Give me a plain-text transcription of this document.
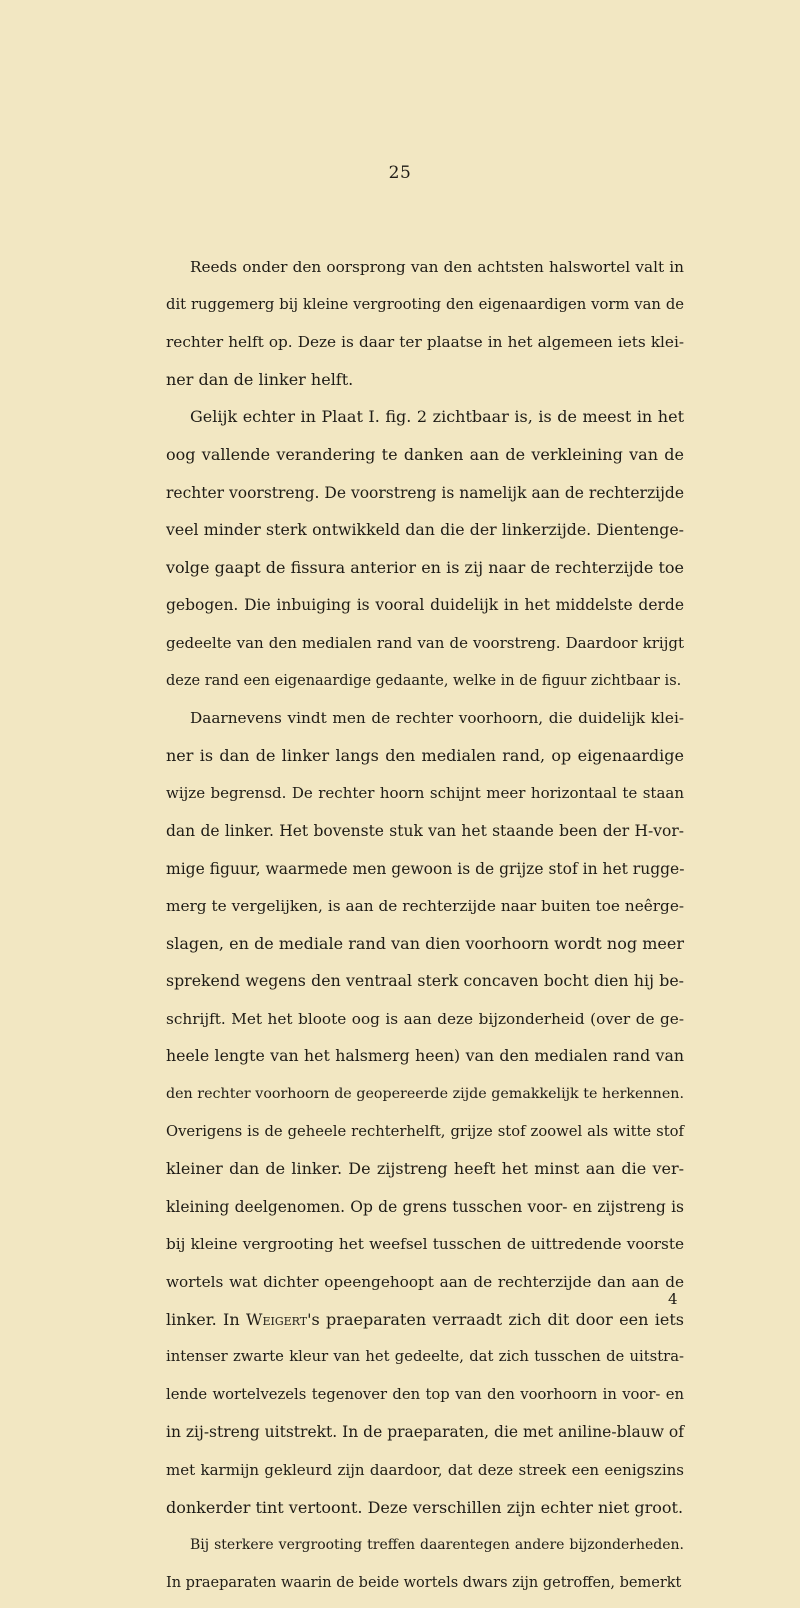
25
Reeds onder den oorsprong van den achtsten halswortel valt in
dit ruggemerg bij kleine vergrooting den eigenaardigen vorm van de
rechter helft op. Deze is daar ter plaatse in het algemeen iets klei-
ner dan de linker helft.
Gelijk echter in Plaat I. fig. 2 zichtbaar is, is de meest in het
oog vallende verandering te danken aan de verkleining van de
rechter voorstreng. De voorstreng is namelijk aan de rechterzijde
veel minder sterk ontwikkeld dan die der linkerzijde. Dientenge-
volge gaapt de fissura anterior en is zij naar de rechterzijde toe
gebogen. Die inbuiging is vooral duidelijk in het middelste derde
gedeelte van den medialen rand van de voorstreng. Daardoor krijgt
deze rand een eigenaardige gedaante, welke in de figuur zichtbaar is.
Daarnevens vindt men de rechter voorhoorn, die duidelijk klei-
ner is dan de linker langs den medialen rand, op eigenaardige
wijze begrensd. De rechter hoorn schijnt meer horizontaal te staan
dan de linker. Het bovenste stuk van het staande been der H-vor-
mige figuur, waarmede men gewoon is de grijze stof in het rugge-
merg te vergelijken, is aan de rechterzijde naar buiten toe neêrge-
slagen, en de mediale rand van dien voorhoorn wordt nog meer
sprekend wegens den ventraal sterk concaven bocht dien hij be-
schrijft. Met het bloote oog is aan deze bijzonderheid (over de ge-
heele lengte van het halsmerg heen) van den medialen rand van
den rechter voorhoorn de geopereerde zijde gemakkelijk te herkennen.
Overigens is de geheele rechterhelft, grijze stof zoowel als witte stof
kleiner dan de linker. De zijstreng heeft het minst aan die ver-
kleining deelgenomen. Op de grens tusschen voor- en zijstreng is
bij kleine vergrooting het weefsel tusschen de uittredende voorste
wortels wat dichter opeengehoopt aan de rechterzijde dan aan de
linker. In Weigert's praeparaten verraadt zich dit door een iets
intenser zwarte kleur van het gedeelte, dat zich tusschen de uitstra-
lende wortelvezels tegenover den top van den voorhoorn in voor- en
in zij-streng uitstrekt. In de praeparaten, die met aniline-blauw of
met karmijn gekleurd zijn daardoor, dat deze streek een eenigszins
donkerder tint vertoont. Deze verschillen zijn echter niet groot.
Bij sterkere vergrooting treffen daarentegen andere bijzonderheden.
In praeparaten waarin de beide wortels dwars zijn getroffen, bemerkt
4
